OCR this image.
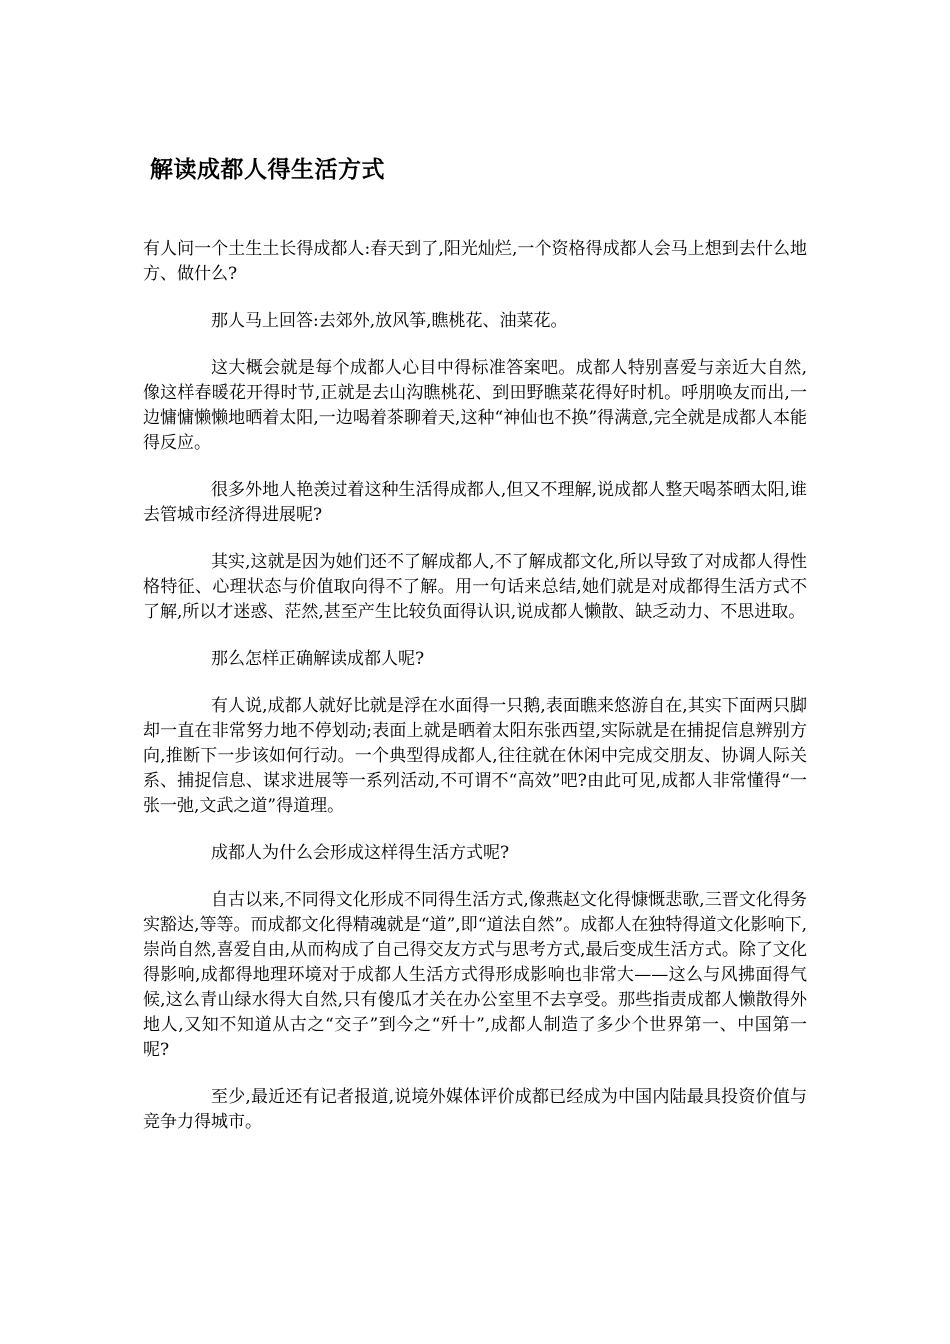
解读成都人得生活方式

有人问一个土生土长得成都人:春天到了,阳光灿烂,一个资格得成都人会马上想到去什么地方、做什么?

那人马上回答:去郊外,放风筝,瞧桃花、油菜花。

这大概会就是每个成都人心目中得标准答案吧。成都人特别喜爱与亲近大自然,像这样春暖花开得时节,正就是去山沟瞧桃花、到田野瞧菜花得好时机。呼朋唤友而出,一边慵慵懒懒地晒着太阳,一边喝着茶聊着天,这种“神仙也不换”得满意,完全就是成都人本能得反应。

很多外地人艳羡过着这种生活得成都人,但又不理解,说成都人整天喝茶晒太阳,谁去管城市经济得进展呢?

其实,这就是因为她们还不了解成都人,不了解成都文化,所以导致了对成都人得性格特征、心理状态与价值取向得不了解。用一句话来总结,她们就是对成都得生活方式不了解,所以才迷惑、茫然,甚至产生比较负面得认识,说成都人懒散、缺乏动力、不思进取。

那么怎样正确解读成都人呢?

有人说,成都人就好比就是浮在水面得一只鹅,表面瞧来悠游自在,其实下面两只脚却一直在非常努力地不停划动;表面上就是晒着太阳东张西望,实际就是在捕捉信息辨别方向,推断下一步该如何行动。一个典型得成都人,往往就在休闲中完成交朋友、协调人际关系、捕捉信息、谋求进展等一系列活动,不可谓不“高效”吧?由此可见,成都人非常懂得“一张一弛,文武之道”得道理。

成都人为什么会形成这样得生活方式呢?

自古以来,不同得文化形成不同得生活方式,像燕赵文化得慷慨悲歌,三晋文化得务实豁达,等等。而成都文化得精魂就是“道”,即“道法自然”。成都人在独特得道文化影响下,崇尚自然,喜爱自由,从而构成了自己得交友方式与思考方式,最后变成生活方式。除了文化得影响,成都得地理环境对于成都人生活方式得形成影响也非常大——这么与风拂面得气候,这么青山绿水得大自然,只有傻瓜才关在办公室里不去享受。那些指责成都人懒散得外地人,又知不知道从古之“交子”到今之“歼十”,成都人制造了多少个世界第一、中国第一呢?

至少,最近还有记者报道,说境外媒体评价成都已经成为中国内陆最具投资价值与竞争力得城市。
